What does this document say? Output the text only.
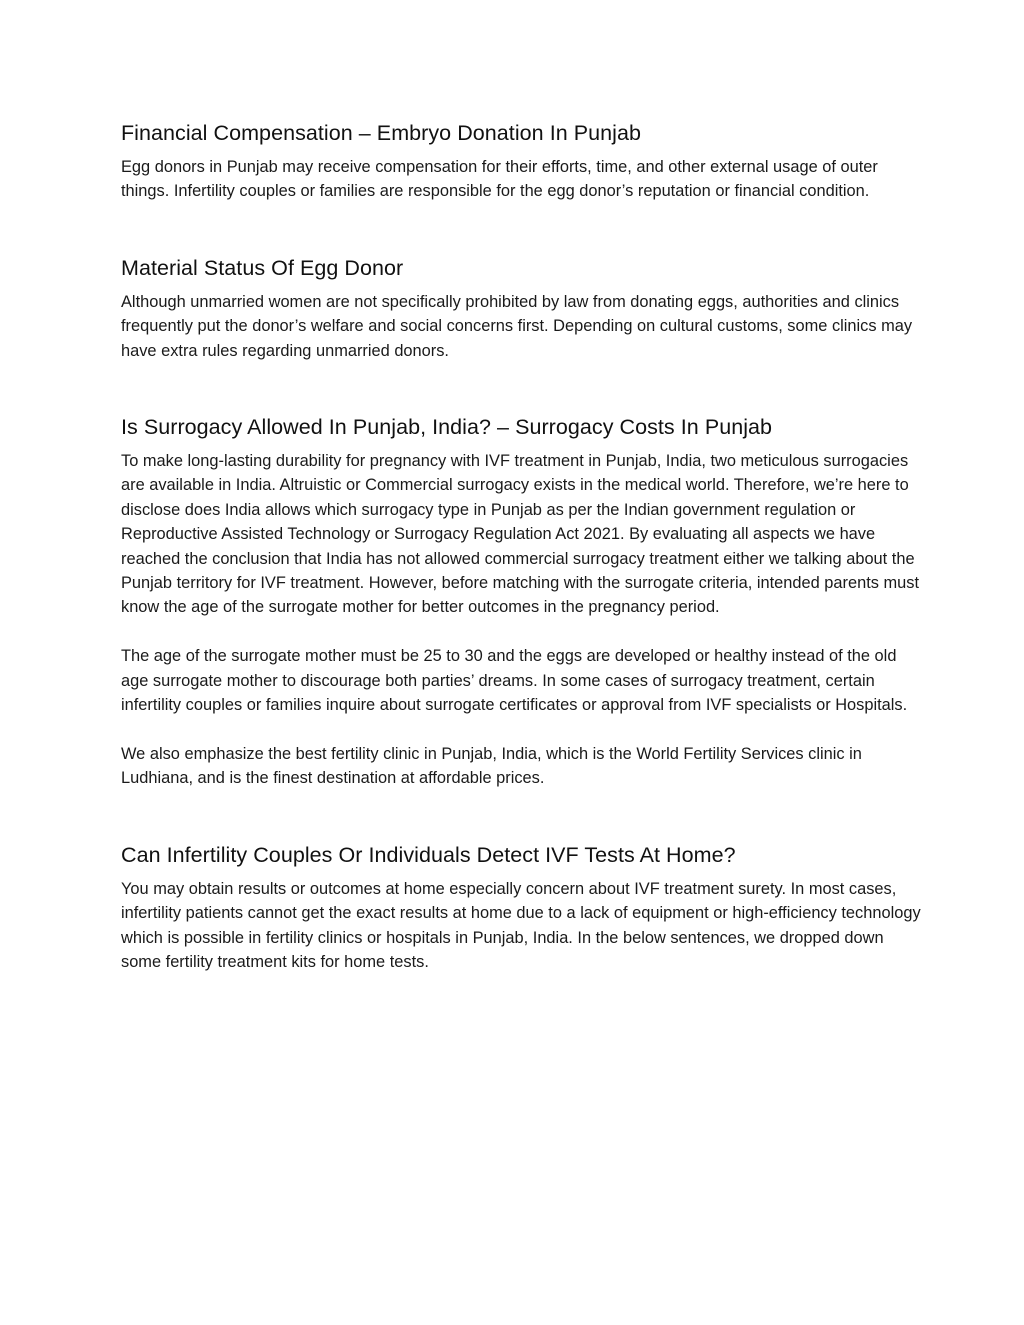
Financial Compensation – Embryo Donation In Punjab

Egg donors in Punjab may receive compensation for their efforts, time, and other external usage of outer things. Infertility couples or families are responsible for the egg donor’s reputation or financial condition.

Material Status Of Egg Donor

Although unmarried women are not specifically prohibited by law from donating eggs, authorities and clinics frequently put the donor’s welfare and social concerns first. Depending on cultural customs, some clinics may have extra rules regarding unmarried donors.

Is Surrogacy Allowed In Punjab, India? – Surrogacy Costs In Punjab

To make long-lasting durability for pregnancy with IVF treatment in Punjab, India, two meticulous surrogacies are available in India. Altruistic or Commercial surrogacy exists in the medical world. Therefore, we’re here to disclose does India allows which surrogacy type in Punjab as per the Indian government regulation or Reproductive Assisted Technology or Surrogacy Regulation Act 2021. By evaluating all aspects we have reached the conclusion that India has not allowed commercial surrogacy treatment either we talking about the Punjab territory for IVF treatment. However, before matching with the surrogate criteria, intended parents must know the age of the surrogate mother for better outcomes in the pregnancy period.

The age of the surrogate mother must be 25 to 30 and the eggs are developed or healthy instead of the old age surrogate mother to discourage both parties’ dreams. In some cases of surrogacy treatment, certain infertility couples or families inquire about surrogate certificates or approval from IVF specialists or Hospitals.

We also emphasize the best fertility clinic in Punjab, India, which is the World Fertility Services clinic in Ludhiana, and is the finest destination at affordable prices.

Can Infertility Couples Or Individuals Detect IVF Tests At Home?

You may obtain results or outcomes at home especially concern about IVF treatment surety. In most cases, infertility patients cannot get the exact results at home due to a lack of equipment or high-efficiency technology which is possible in fertility clinics or hospitals in Punjab, India. In the below sentences, we dropped down some fertility treatment kits for home tests.
